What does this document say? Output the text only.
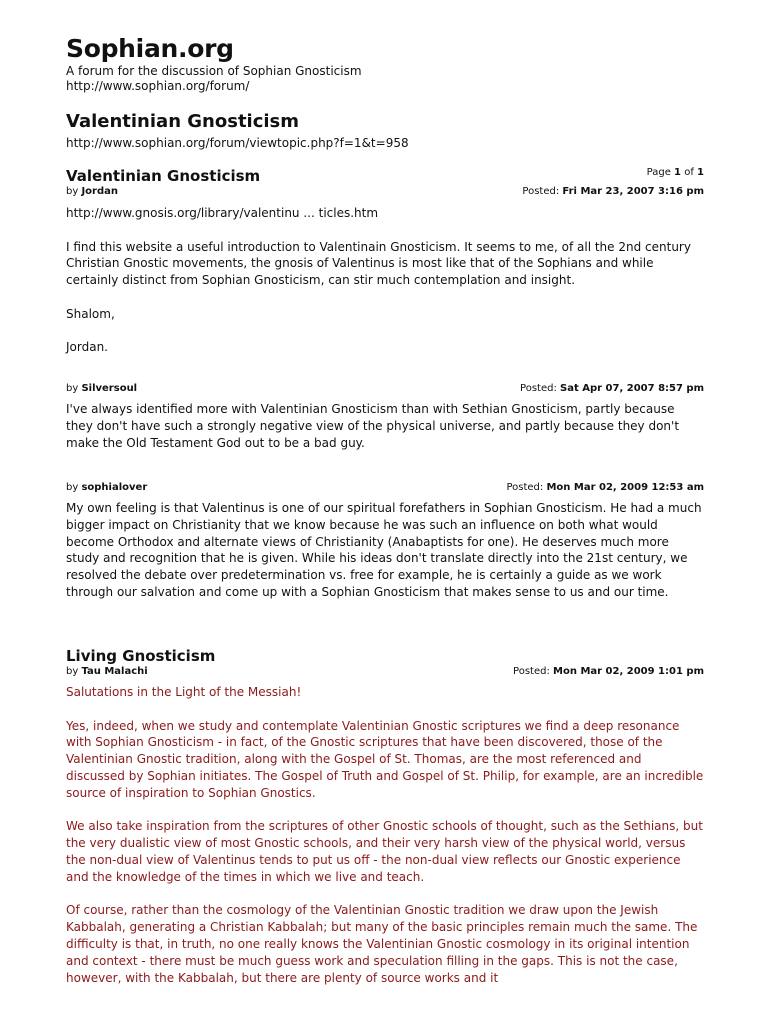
Sophian.org
A forum for the discussion of Sophian Gnosticism
http://www.sophian.org/forum/
Valentinian Gnosticism
http://www.sophian.org/forum/viewtopic.php?f=1&t=958
Valentinian Gnosticism	Page 1 of 1
by Jordan	Posted: Fri Mar 23, 2007 3:16 pm

http://www.gnosis.org/library/valentinu ... ticles.htm

I find this website a useful introduction to Valentinain Gnosticism. It seems to me, of all the 2nd century Christian Gnostic movements, the gnosis of Valentinus is most like that of the Sophians and while certainly distinct from Sophian Gnosticism, can stir much contemplation and insight.

Shalom,

Jordan.

by Silversoul	Posted: Sat Apr 07, 2007 8:57 pm

I've always identified more with Valentinian Gnosticism than with Sethian Gnosticism, partly because they don't have such a strongly negative view of the physical universe, and partly because they don't make the Old Testament God out to be a bad guy.

by sophialover	Posted: Mon Mar 02, 2009 12:53 am

My own feeling is that Valentinus is one of our spiritual forefathers in Sophian Gnosticism. He had a much bigger impact on Christianity that we know because he was such an influence on both what would become Orthodox and alternate views of Christianity (Anabaptists for one). He deserves much more study and recognition that he is given. While his ideas don't translate directly into the 21st century, we resolved the debate over predetermination vs. free for example, he is certainly a guide as we work through our salvation and come up with a Sophian Gnosticism that makes sense to us and our time.

Living Gnosticism
by Tau Malachi	Posted: Mon Mar 02, 2009 1:01 pm

Salutations in the Light of the Messiah!

Yes, indeed, when we study and contemplate Valentinian Gnostic scriptures we find a deep resonance with Sophian Gnosticism - in fact, of the Gnostic scriptures that have been discovered, those of the Valentinian Gnostic tradition, along with the Gospel of St. Thomas, are the most referenced and discussed by Sophian initiates. The Gospel of Truth and Gospel of St. Philip, for example, are an incredible source of inspiration to Sophian Gnostics.

We also take inspiration from the scriptures of other Gnostic schools of thought, such as the Sethians, but the very dualistic view of most Gnostic schools, and their very harsh view of the physical world, versus the non-dual view of Valentinus tends to put us off - the non-dual view reflects our Gnostic experience and the knowledge of the times in which we live and teach.

Of course, rather than the cosmology of the Valentinian Gnostic tradition we draw upon the Jewish Kabbalah, generating a Christian Kabbalah; but many of the basic principles remain much the same. The difficulty is that, in truth, no one really knows the Valentinian Gnostic cosmology in its original intention and context - there must be much guess work and speculation filling in the gaps. This is not the case, however, with the Kabbalah, but there are plenty of source works and it
